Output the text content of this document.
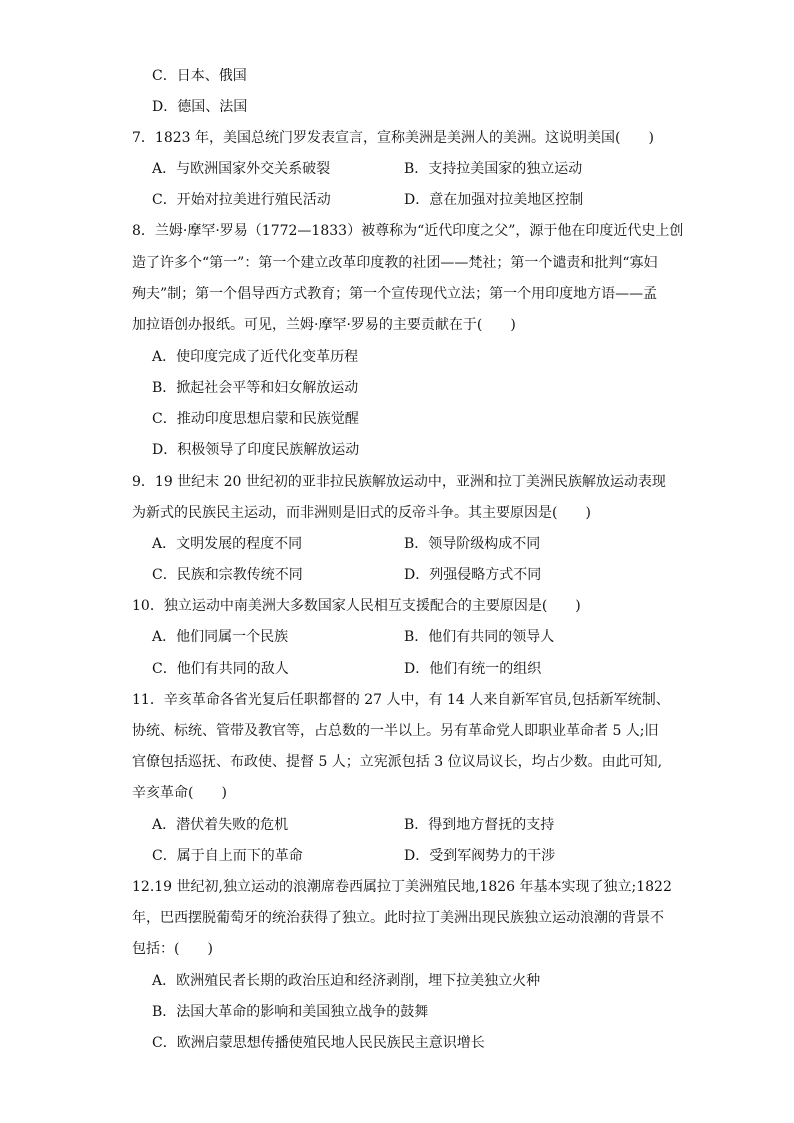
C．日本、俄国
D．德国、法国
7．1823 年，美国总统门罗发表宣言，宣称美洲是美洲人的美洲。这说明美国(　　)
A．与欧洲国家外交关系破裂	B．支持拉美国家的独立运动
C．开始对拉美进行殖民活动	D．意在加强对拉美地区控制
8．兰姆·摩罕·罗易（1772—1833）被尊称为“近代印度之父”，源于他在印度近代史上创
造了许多个“第一”：第一个建立改革印度教的社团——梵社；第一个谴责和批判“寡妇
殉夫”制；第一个倡导西方式教育；第一个宣传现代立法；第一个用印度地方语——孟
加拉语创办报纸。可见，兰姆·摩罕·罗易的主要贡献在于(　　)
A．使印度完成了近代化变革历程
B．掀起社会平等和妇女解放运动
C．推动印度思想启蒙和民族觉醒
D．积极领导了印度民族解放运动
9．19 世纪末 20 世纪初的亚非拉民族解放运动中，亚洲和拉丁美洲民族解放运动表现
为新式的民族民主运动，而非洲则是旧式的反帝斗争。其主要原因是(　　)
A．文明发展的程度不同	B．领导阶级构成不同
C．民族和宗教传统不同	D．列强侵略方式不同
10．独立运动中南美洲大多数国家人民相互支援配合的主要原因是(　　)
A．他们同属一个民族	B．他们有共同的领导人
C．他们有共同的敌人	D．他们有统一的组织
11．辛亥革命各省光复后任职都督的 27 人中，有 14 人来自新军官员,包括新军统制、
协统、标统、管带及教官等，占总数的一半以上。另有革命党人即职业革命者 5 人;旧
官僚包括巡抚、布政使、提督 5 人；立宪派包括 3 位议局议长，均占少数。由此可知,
辛亥革命(　　)
A．潜伏着失败的危机	B．得到地方督抚的支持
C．属于自上而下的革命	D．受到军阀势力的干涉
12.19 世纪初,独立运动的浪潮席卷西属拉丁美洲殖民地,1826 年基本实现了独立;1822
年，巴西摆脱葡萄牙的统治获得了独立。此时拉丁美洲出现民族独立运动浪潮的背景不
包括：(　　)
A．欧洲殖民者长期的政治压迫和经济剥削，埋下拉美独立火种
B．法国大革命的影响和美国独立战争的鼓舞
C．欧洲启蒙思想传播使殖民地人民民族民主意识增长
